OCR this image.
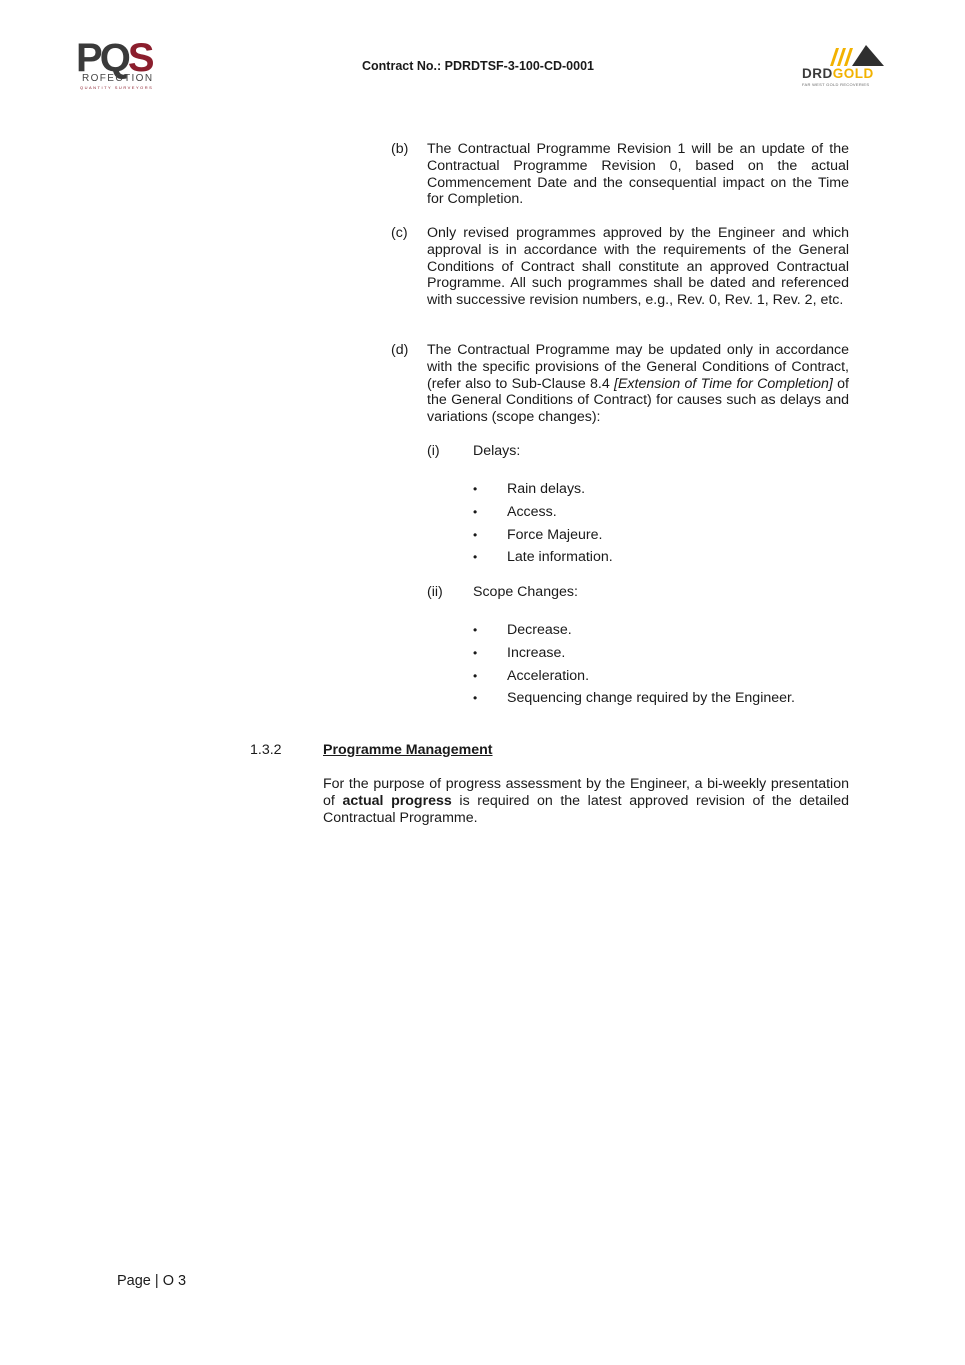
PQS
ROFECTION
QUANTITY SURVEYORS
Contract No.: PDRDTSF-3-100-CD-0001	DRDGOLD
FAR WEST GOLD RECOVERIES
(b) The Contractual Programme Revision 1 will be an update of the Contractual Programme Revision 0, based on the actual Commencement Date and the consequential impact on the Time for Completion.
(c) Only revised programmes approved by the Engineer and which approval is in accordance with the requirements of the General Conditions of Contract shall constitute an approved Contractual Programme. All such programmes shall be dated and referenced with successive revision numbers, e.g., Rev. 0, Rev. 1, Rev. 2, etc.
(d) The Contractual Programme may be updated only in accordance with the specific provisions of the General Conditions of Contract, (refer also to Sub-Clause 8.4 [Extension of Time for Completion] of the General Conditions of Contract) for causes such as delays and variations (scope changes):
(i) Delays:
• Rain delays.
• Access.
• Force Majeure.
• Late information.
(ii) Scope Changes:
• Decrease.
• Increase.
• Acceleration.
• Sequencing change required by the Engineer.
1.3.2	Programme Management
For the purpose of progress assessment by the Engineer, a bi-weekly presentation of actual progress is required on the latest approved revision of the detailed Contractual Programme.
Page | O 3
